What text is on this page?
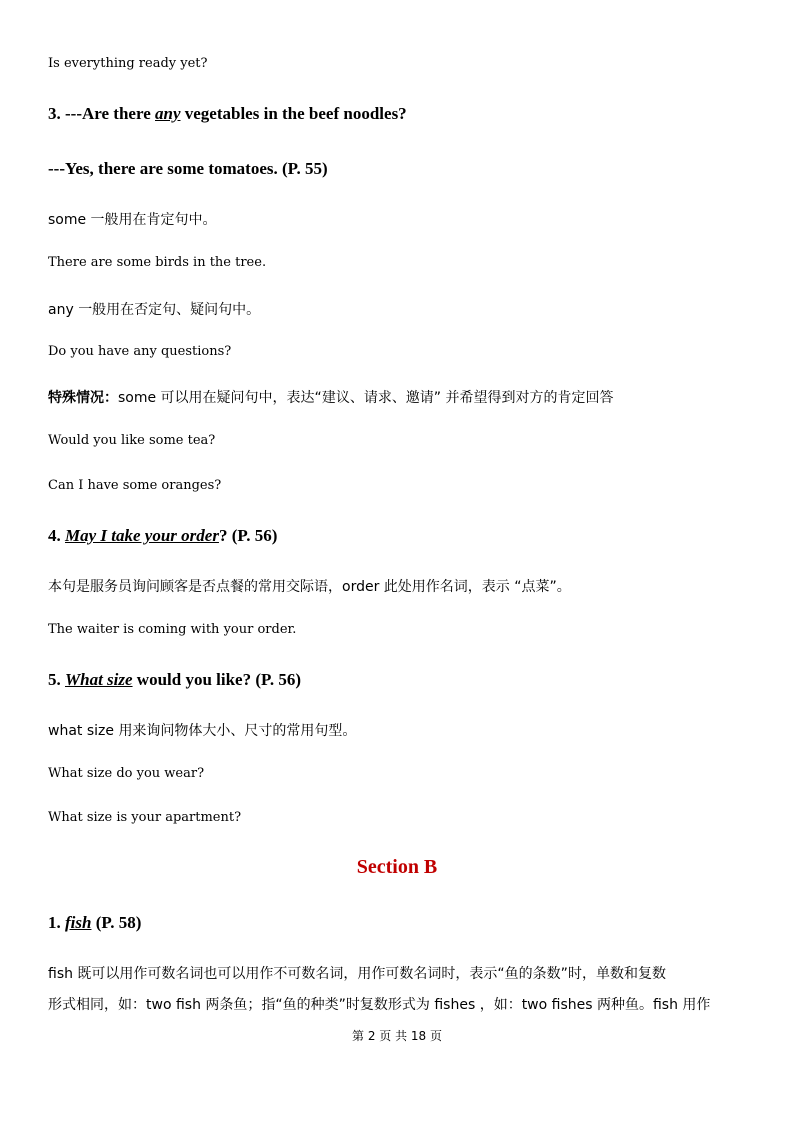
Is everything ready yet?
3. ---Are there any vegetables in the beef noodles?
---Yes, there are some tomatoes. (P. 55)
some 一般用在肯定句中。
There are some birds in the tree.
any 一般用在否定句、疑问句中。
Do you have any questions?
特殊情况：some 可以用在疑问句中，表达“建议、请求、邀请” 并希望得到对方的肯定回答
Would you like some tea?
Can I have some oranges?
4. May I take your order? (P. 56)
本句是服务员询问顾客是否点餐的常用交际语，order 此处用作名词，表示 “点菜”。
The waiter is coming with your order.
5. What size would you like? (P. 56)
what size 用来询问物体大小、尺寸的常用句型。
What size do you wear?
What size is your apartment?
Section B
1. fish (P. 58)
fish 既可以用作可数名词也可以用作不可数名词，用作可数名词时，表示“鱼的条数”时，单数和复数
形式相同，如：two fish 两条鱼；指“鱼的种类”时复数形式为 fishes ，如：two fishes 两种鱼。fish 用作
第 2 页 共 18 页
